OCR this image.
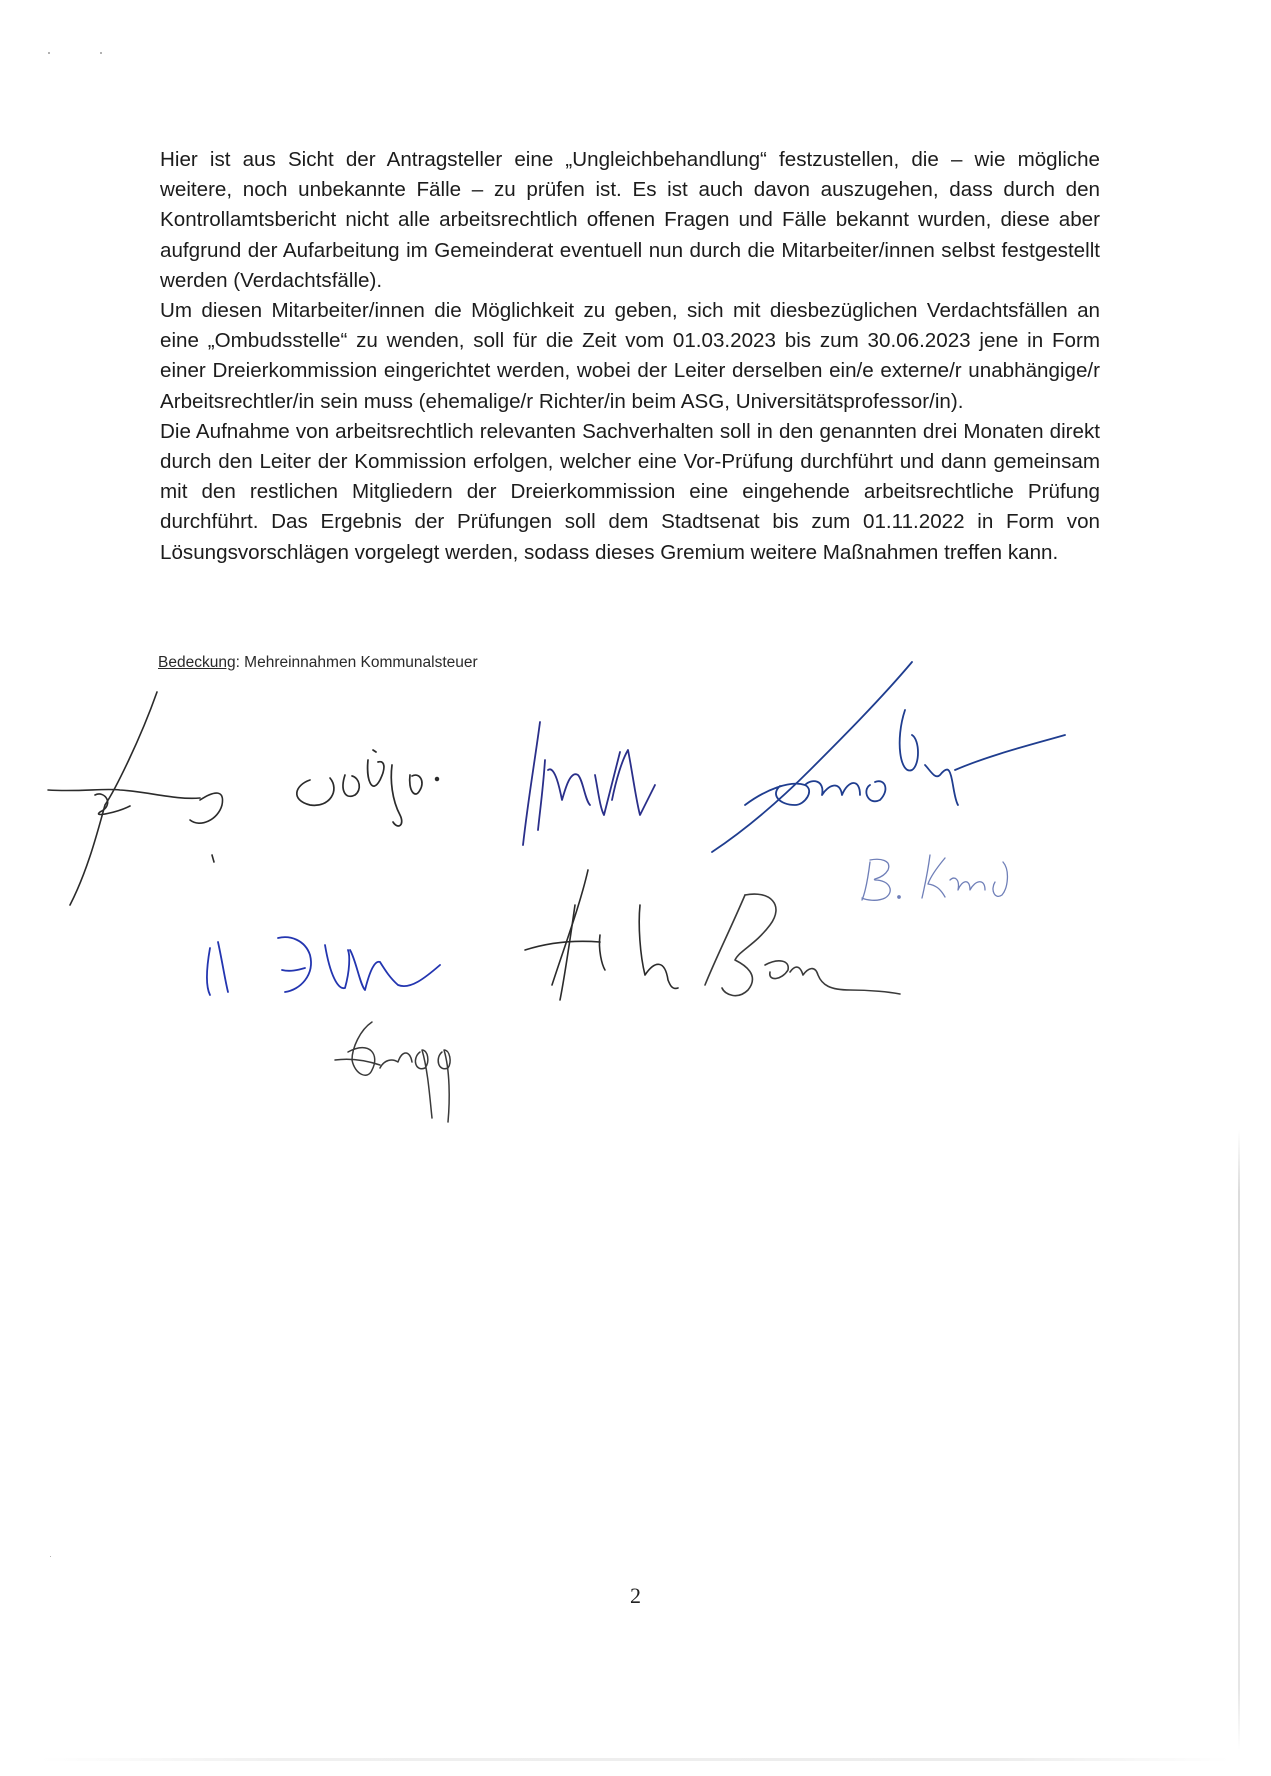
Hier ist aus Sicht der Antragsteller eine „Ungleichbehandlung“ festzustellen, die – wie mögliche weitere, noch unbekannte Fälle – zu prüfen ist. Es ist auch davon auszugehen, dass durch den Kontrollamtsbericht nicht alle arbeitsrechtlich offenen Fragen und Fälle bekannt wurden, diese aber aufgrund der Aufarbeitung im Gemeinderat eventuell nun durch die Mitarbeiter/innen selbst festgestellt werden (Verdachtsfälle).

Um diesen Mitarbeiter/innen die Möglichkeit zu geben, sich mit diesbezüglichen Verdachtsfällen an eine „Ombudsstelle“ zu wenden, soll für die Zeit vom 01.03.2023 bis zum 30.06.2023 jene in Form einer Dreierkommission eingerichtet werden, wobei der Leiter derselben ein/e externe/r unabhängige/r Arbeitsrechtler/in sein muss (ehemalige/r Richter/in beim ASG, Universitätsprofessor/in).

Die Aufnahme von arbeitsrechtlich relevanten Sachverhalten soll in den genannten drei Monaten direkt durch den Leiter der Kommission erfolgen, welcher eine Vor-Prüfung durchführt und dann gemeinsam mit den restlichen Mitgliedern der Dreierkommission eine eingehende arbeitsrechtliche Prüfung durchführt. Das Ergebnis der Prüfungen soll dem Stadtsenat bis zum 01.11.2022 in Form von Lösungsvorschlägen vorgelegt werden, sodass dieses Gremium weitere Maßnahmen treffen kann.

Bedeckung: Mehreinnahmen Kommunalsteuer
2
